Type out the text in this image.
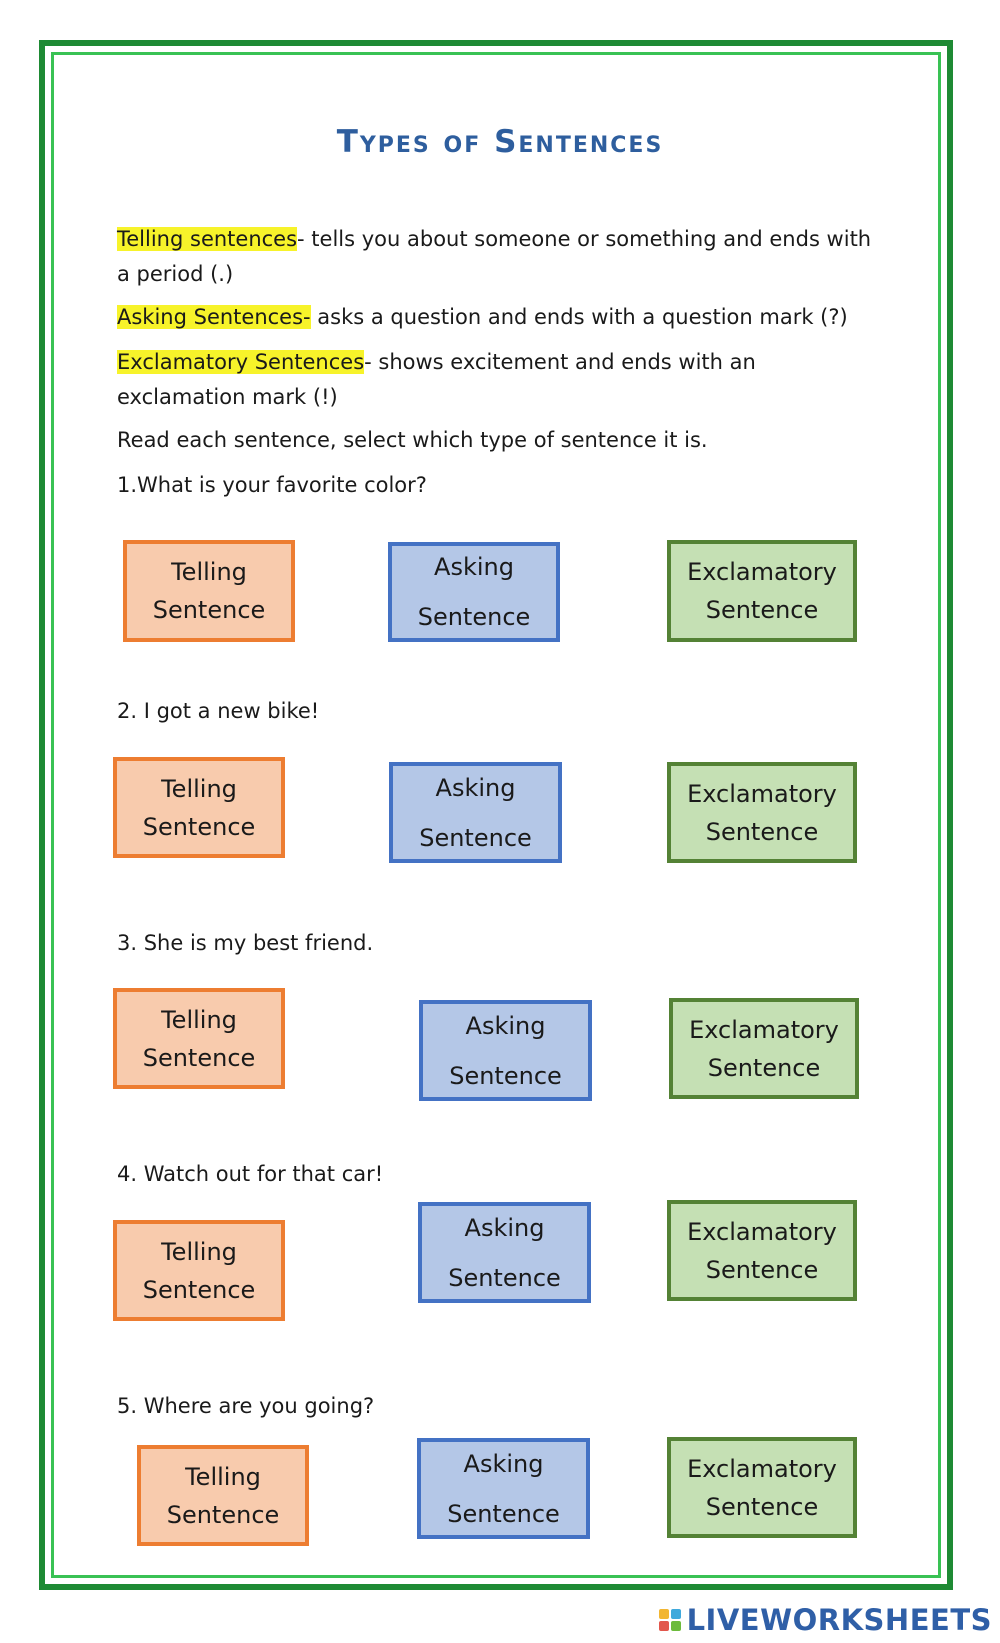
Types of Sentences
Telling sentences- tells you about someone or something and ends with
a period (.)
Asking Sentences- asks a question and ends with a question mark (?)
Exclamatory Sentences- shows excitement and ends with an
exclamation mark (!)
Read each sentence, select which type of sentence it is.
1.What is your favorite color?
Telling
Sentence
Asking
Sentence
Exclamatory
Sentence
2. I got a new bike!
Telling
Sentence
Asking
Sentence
Exclamatory
Sentence
3. She is my best friend.
Telling
Sentence
Asking
Sentence
Exclamatory
Sentence
4. Watch out for that car!
Telling
Sentence
Asking
Sentence
Exclamatory
Sentence
5. Where are you going?
Telling
Sentence
Asking
Sentence
Exclamatory
Sentence
LIVEWORKSHEETS
